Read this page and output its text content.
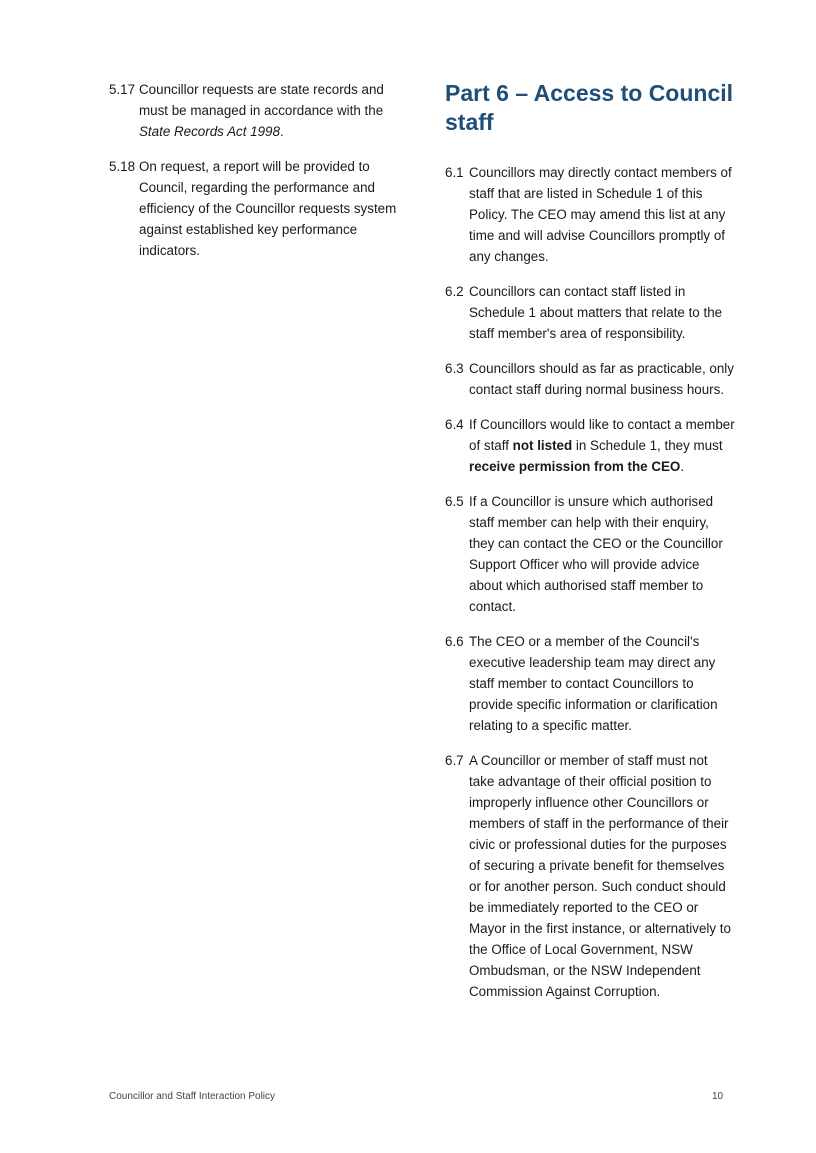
5.17 Councillor requests are state records and must be managed in accordance with the State Records Act 1998.
5.18 On request, a report will be provided to Council, regarding the performance and efficiency of the Councillor requests system against established key performance indicators.
Part 6 – Access to Council staff
6.1 Councillors may directly contact members of staff that are listed in Schedule 1 of this Policy. The CEO may amend this list at any time and will advise Councillors promptly of any changes.
6.2 Councillors can contact staff listed in Schedule 1 about matters that relate to the staff member's area of responsibility.
6.3 Councillors should as far as practicable, only contact staff during normal business hours.
6.4 If Councillors would like to contact a member of staff not listed in Schedule 1, they must receive permission from the CEO.
6.5 If a Councillor is unsure which authorised staff member can help with their enquiry, they can contact the CEO or the Councillor Support Officer who will provide advice about which authorised staff member to contact.
6.6 The CEO or a member of the Council's executive leadership team may direct any staff member to contact Councillors to provide specific information or clarification relating to a specific matter.
6.7 A Councillor or member of staff must not take advantage of their official position to improperly influence other Councillors or members of staff in the performance of their civic or professional duties for the purposes of securing a private benefit for themselves or for another person. Such conduct should be immediately reported to the CEO or Mayor in the first instance, or alternatively to the Office of Local Government, NSW Ombudsman, or the NSW Independent Commission Against Corruption.
Councillor and Staff Interaction Policy	10
